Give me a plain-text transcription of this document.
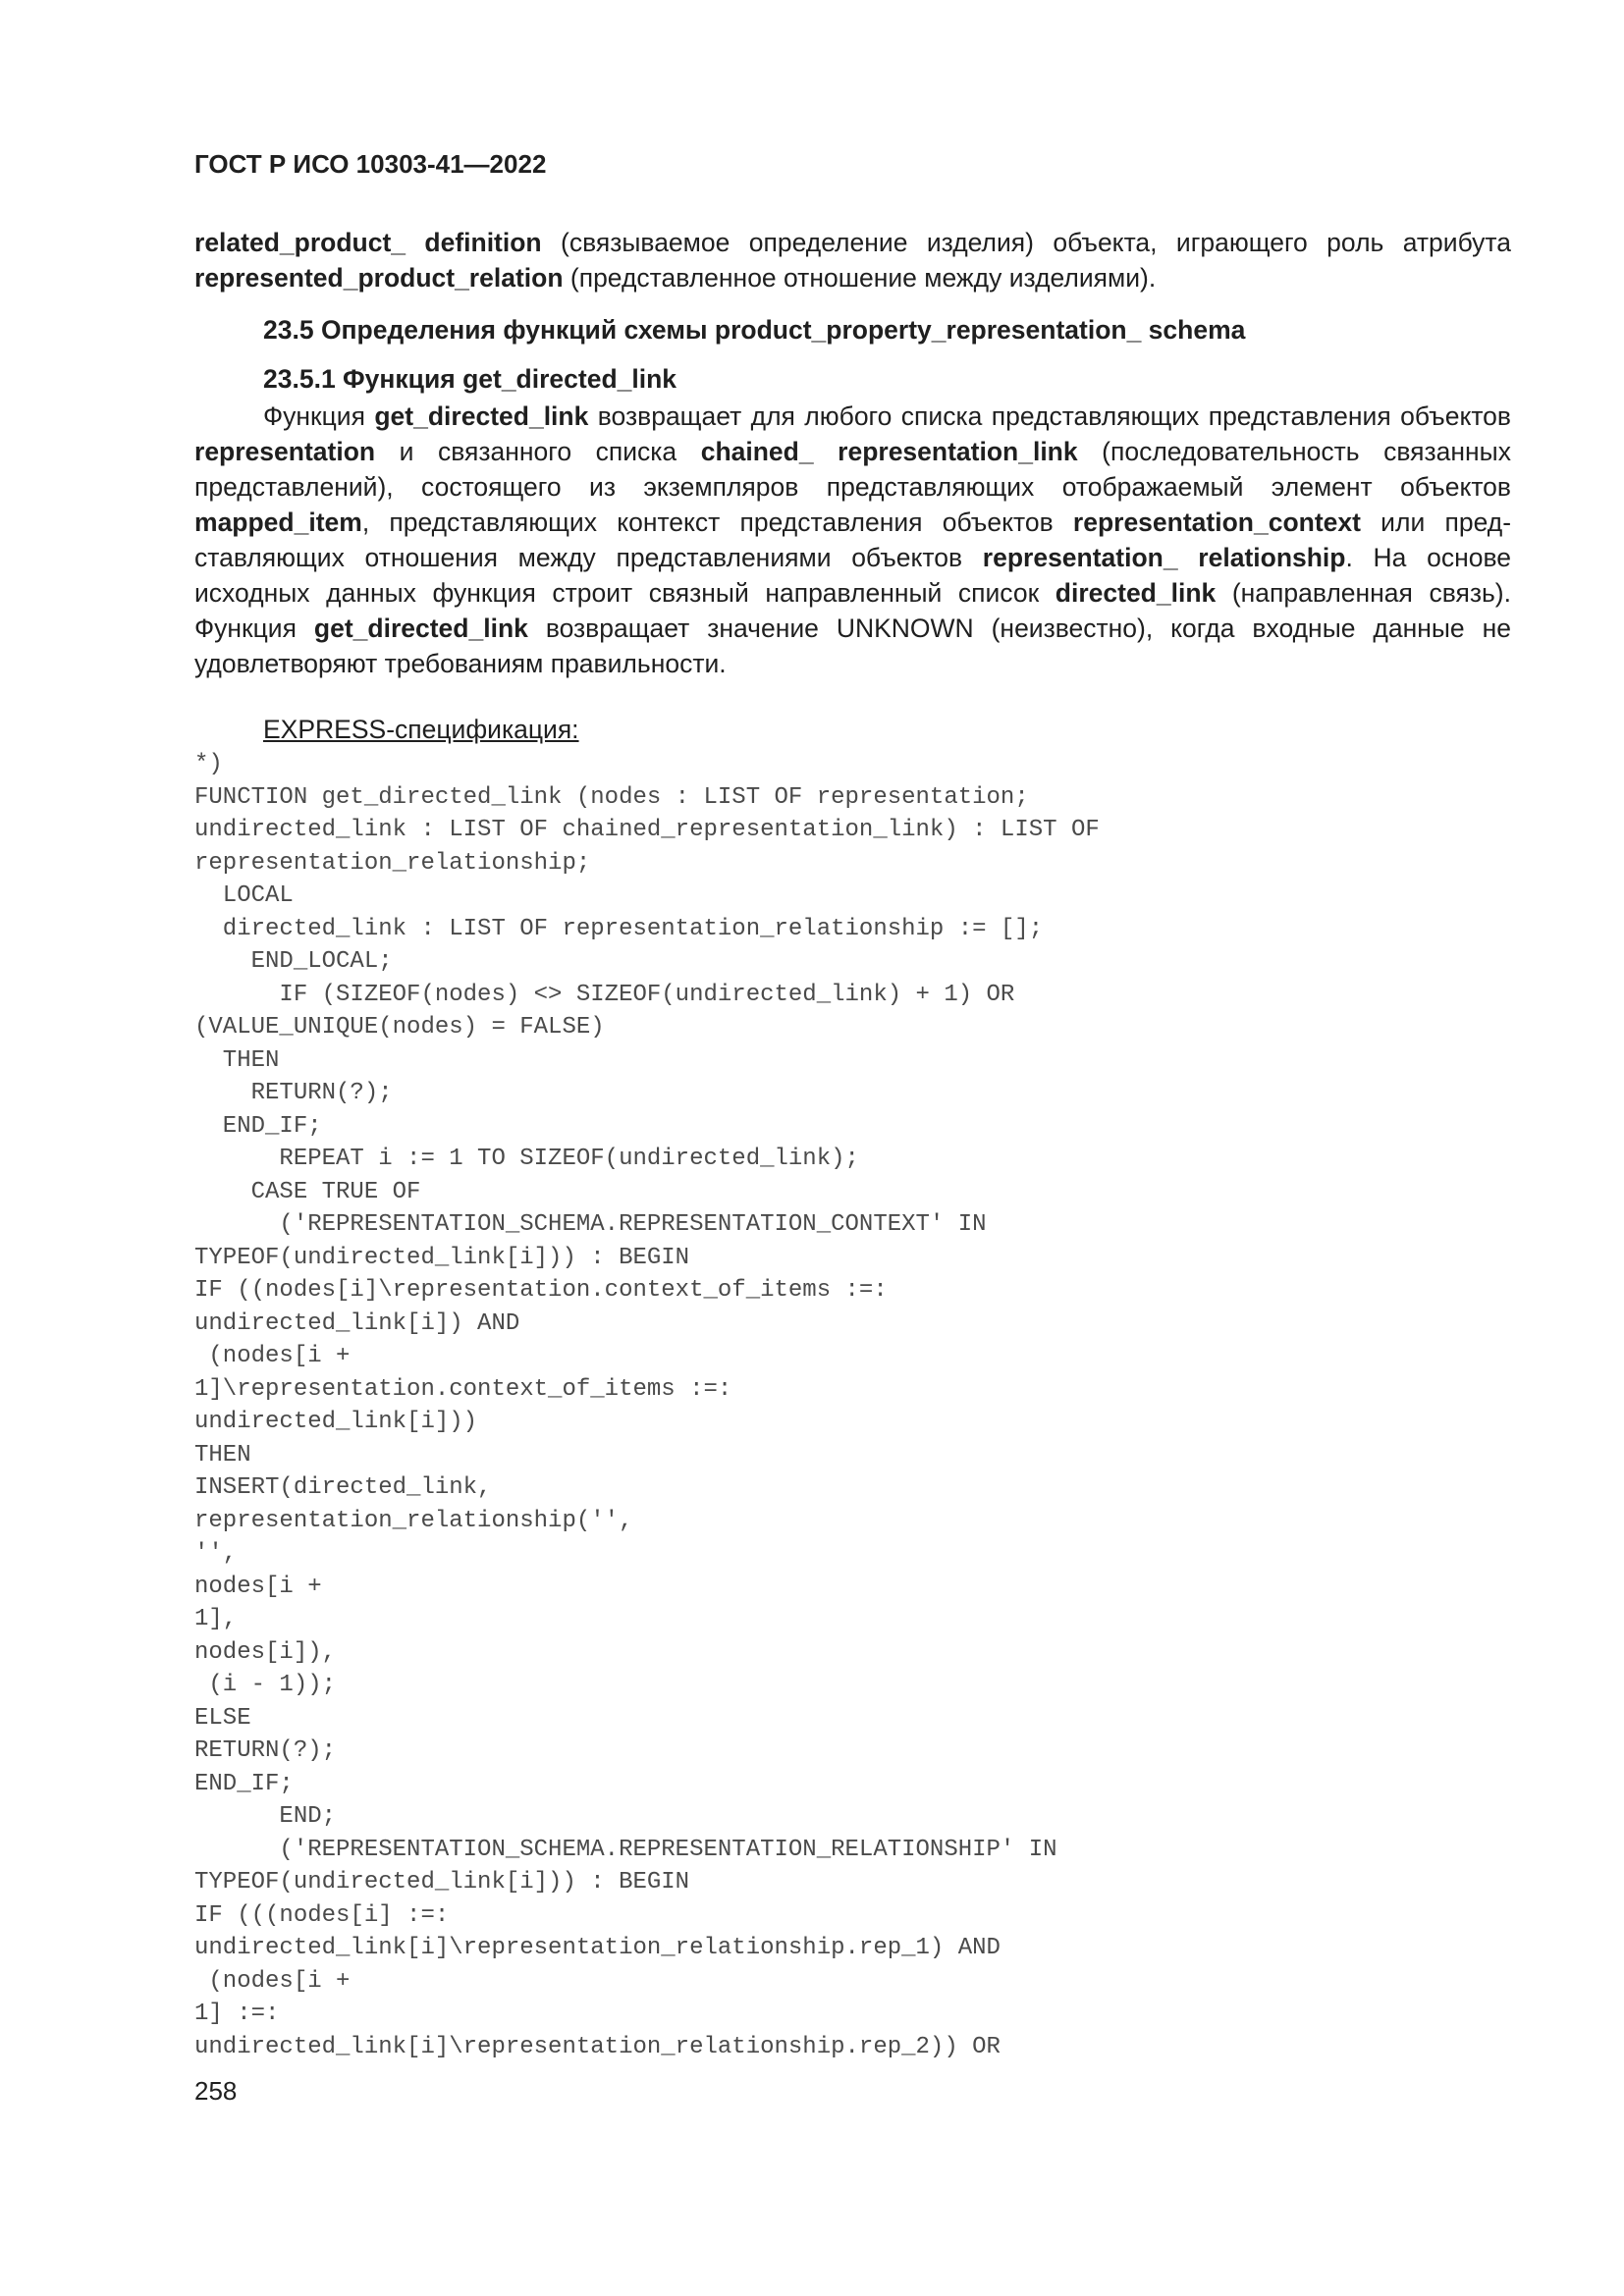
ГОСТ Р ИСО 10303-41—2022
related_product_ definition (связываемое определение изделия) объекта, играющего роль атрибута represented_product_relation (представленное отношение между изделиями).
23.5 Определения функций схемы product_property_representation_ schema
23.5.1 Функция get_directed_link
Функция get_directed_link возвращает для любого списка представляющих представления объектов representation и связанного списка chained_ representation_link (последовательность связанных представлений), состоящего из экземпляров представляющих отображаемый элемент объектов mapped_item, представляющих контекст представления объектов representation_context или представляющих отношения между представлениями объектов representation_ relationship. На основе исходных данных функция строит связный направленный список directed_link (направленная связь). Функция get_directed_link возвращает значение UNKNOWN (неизвестно), когда входные данные не удовлетворяют требованиям правильности.
EXPRESS-спецификация:
*)
FUNCTION get_directed_link (nodes : LIST OF representation;
undirected_link : LIST OF chained_representation_link) : LIST OF
representation_relationship;
LOCAL
directed_link : LIST OF representation_relationship := [];
END_LOCAL;
IF (SIZEOF(nodes) <> SIZEOF(undirected_link) + 1) OR
(VALUE_UNIQUE(nodes) = FALSE)
THEN
RETURN(?);
END_IF;
REPEAT i := 1 TO SIZEOF(undirected_link);
CASE TRUE OF
('REPRESENTATION_SCHEMA.REPRESENTATION_CONTEXT' IN
TYPEOF(undirected_link[i])) : BEGIN
IF ((nodes[i]\representation.context_of_items :=:
undirected_link[i]) AND
(nodes[i +
1]\representation.context_of_items :=:
undirected_link[i]))
THEN
INSERT(directed_link,
representation_relationship('',
'',
nodes[i +
1],
nodes[i]),
(i - 1));
ELSE
RETURN(?);
END_IF;
END;
('REPRESENTATION_SCHEMA.REPRESENTATION_RELATIONSHIP' IN
TYPEOF(undirected_link[i])) : BEGIN
IF (((nodes[i] :=:
undirected_link[i]\representation_relationship.rep_1) AND
(nodes[i +
1] :=:
undirected_link[i]\representation_relationship.rep_2)) OR
258
